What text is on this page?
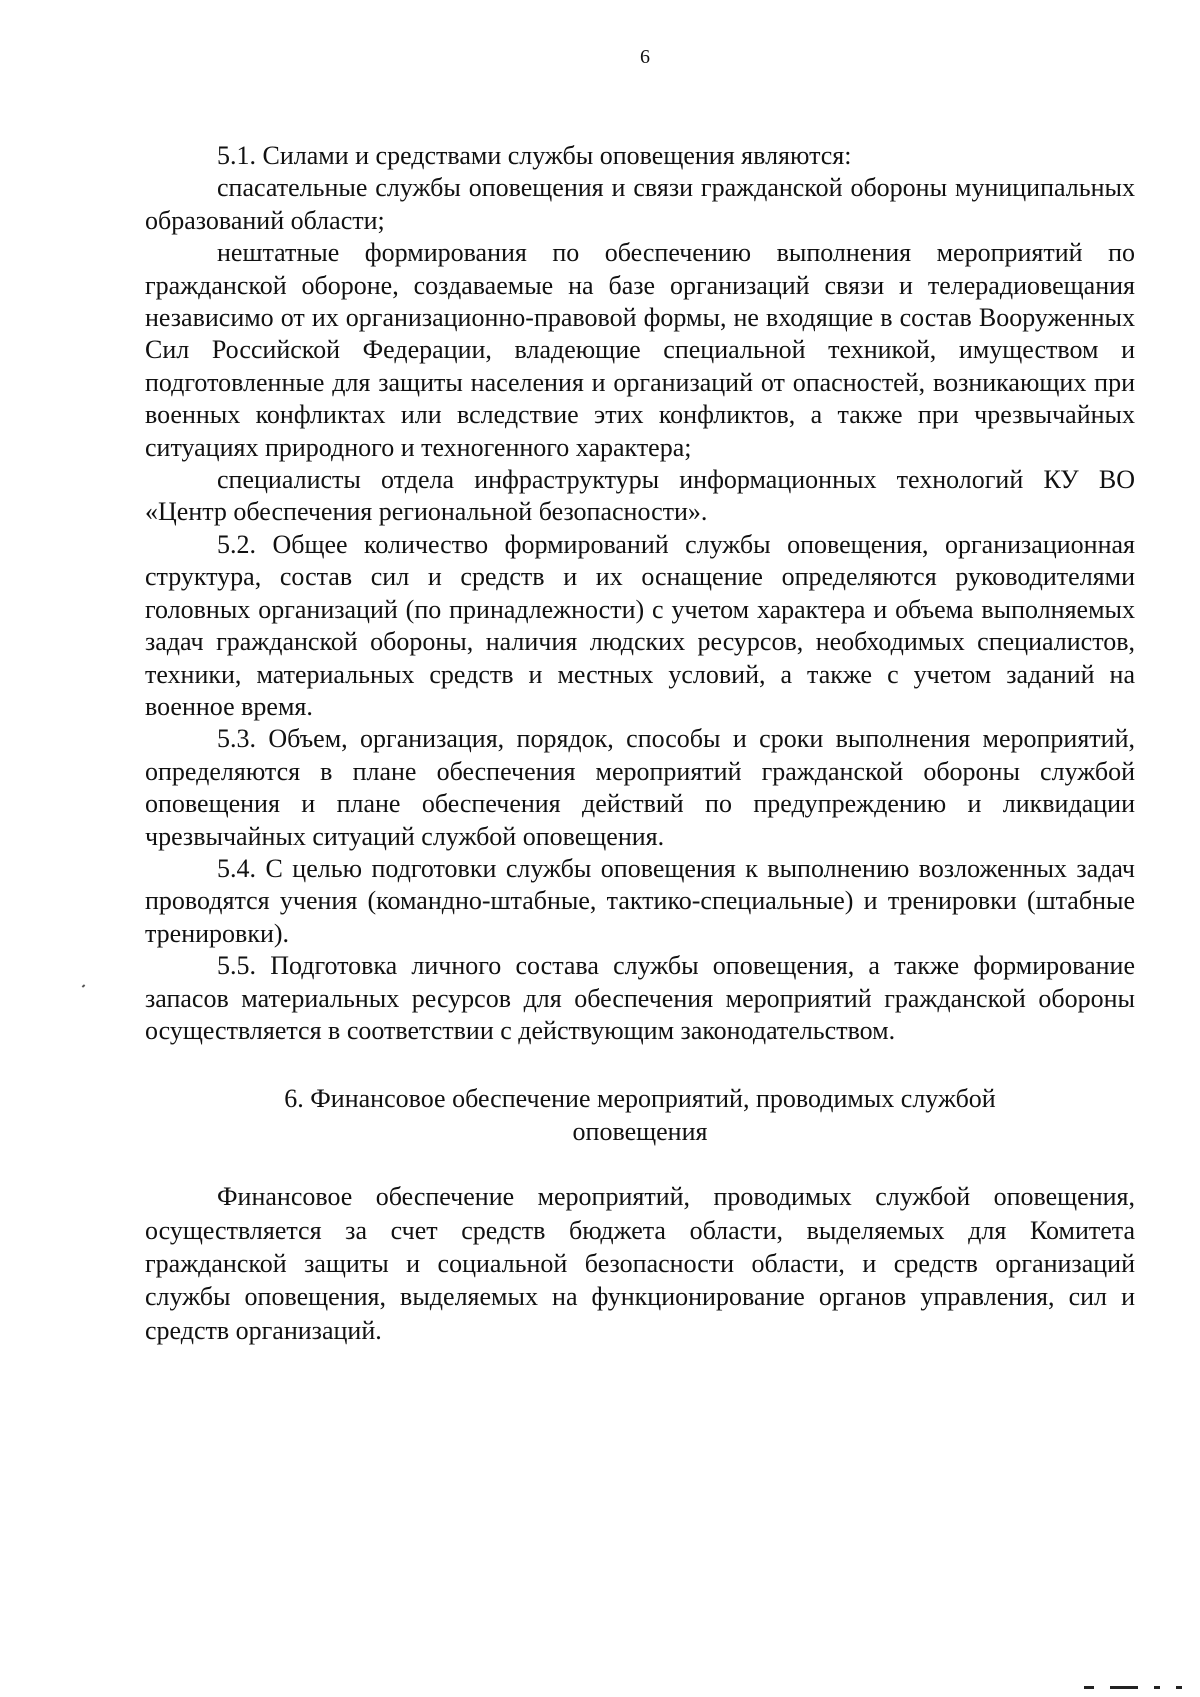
6

5.1. Силами и средствами службы оповещения являются:

спасательные службы оповещения и связи гражданской обороны муниципальных образований области;

нештатные формирования по обеспечению выполнения мероприятий по гражданской обороне, создаваемые на базе организаций связи и телерадиовещания независимо от их организационно-правовой формы, не входящие в состав Вооруженных Сил Российской Федерации, владеющие специальной техникой, имуществом и подготовленные для защиты населения и организаций от опасностей, возникающих при военных конфликтах или вследствие этих конфликтов, а также при чрезвычайных ситуациях природного и техногенного характера;

специалисты отдела инфраструктуры информационных технологий КУ ВО «Центр обеспечения региональной безопасности».

5.2. Общее количество формирований службы оповещения, организационная структура, состав сил и средств и их оснащение определяются руководителями головных организаций (по принадлежности) с учетом характера и объема выполняемых задач гражданской обороны, наличия людских ресурсов, необходимых специалистов, техники, материальных средств и местных условий, а также с учетом заданий на военное время.

5.3. Объем, организация, порядок, способы и сроки выполнения мероприятий, определяются в плане обеспечения мероприятий гражданской обороны службой оповещения и плане обеспечения действий по предупреждению и ликвидации чрезвычайных ситуаций службой оповещения.

5.4. С целью подготовки службы оповещения к выполнению возложенных задач проводятся учения (командно-штабные, тактико-специальные) и тренировки (штабные тренировки).

5.5. Подготовка личного состава службы оповещения, а также формирование запасов материальных ресурсов для обеспечения мероприятий гражданской обороны осуществляется в соответствии с действующим законодательством.

6. Финансовое обеспечение мероприятий, проводимых службой
оповещения

Финансовое обеспечение мероприятий, проводимых службой оповещения, осуществляется за счет средств бюджета области, выделяемых для Комитета гражданской защиты и социальной безопасности области, и средств организаций службы оповещения, выделяемых на функционирование органов управления, сил и средств организаций.
